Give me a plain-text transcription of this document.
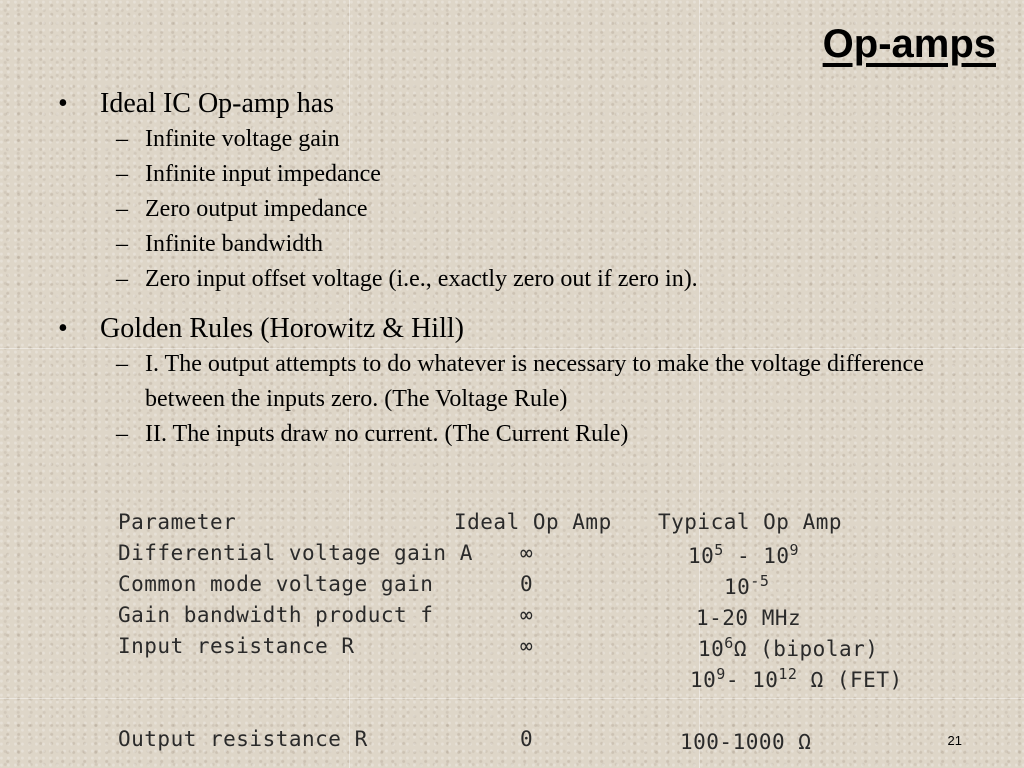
Op-amps
•	Ideal IC Op-amp has
– Infinite voltage gain
– Infinite input impedance
– Zero output impedance
– Infinite bandwidth
– Zero input offset voltage (i.e., exactly zero out if zero in).
•	Golden Rules (Horowitz & Hill)
– I. The output attempts to do whatever is necessary to make the voltage difference between the inputs zero. (The Voltage Rule)
– II. The inputs draw no current. (The Current Rule)
Parameter	Ideal Op Amp Typical Op Amp
Differential voltage gain A ∞	$10^5 - 10^9$
Common mode voltage gain	0	$10^{-5}$
Gain bandwidth product f	∞	1-20 MHz
Input resistance R	∞	$10^6\Omega$ (bipolar)
$10^9-$ $10^{12}$ Ω (FET)
Output resistance R	0	100-1000 Ω	21
